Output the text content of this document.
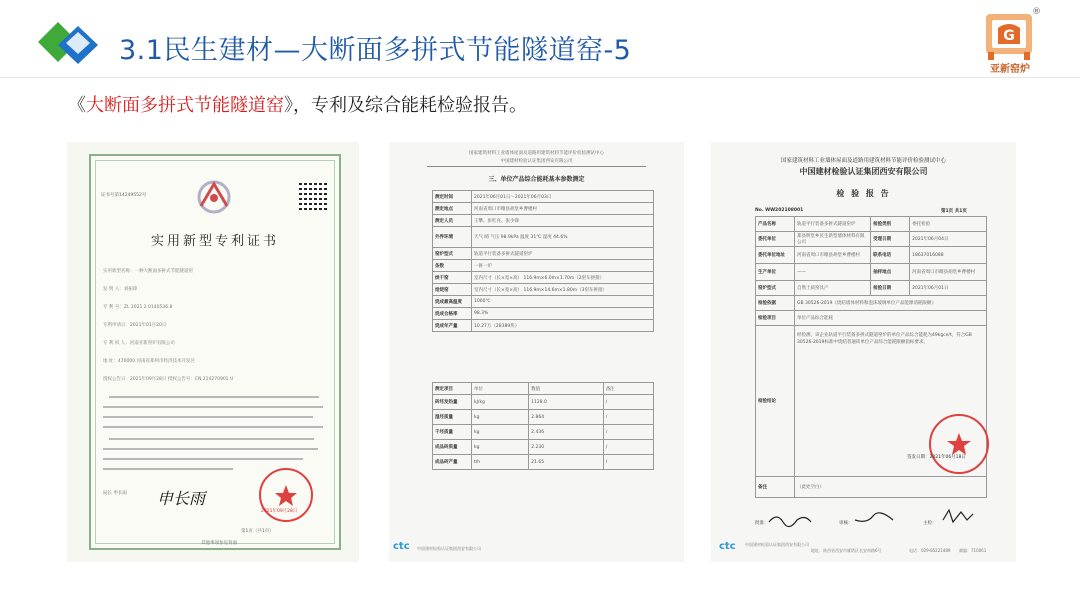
3.1民生建材—大断面多拼式节能隧道窑-5	G
亚新窑炉
®
《大断面多拼式节能隧道窑》，专利及综合能耗检验报告。
证书号第14249552号
实用新型专利证书
实用新型名称：一种大断面多拼式节能隧道窑
发 明 人：刘振锋
专 利 号：ZL 2021 2 0140536.8
专利申请日：2021年01月20日
专 利 权 人：河南亚新窑炉有限公司
地 址：470000 河南省郑州市经济技术开发区
授权公告日：2021年09月28日 授权公告号：CN 214270901 U
局长 申长雨 申长雨
2021年09月28日
第1页（共1页）
其他事项参见背面
国家建筑材料工业墙体屋面及道路用建筑材料节能评价检验测试中心
中国建材检验认证集团西安有限公司
三、单位产品综合能耗基本参数测定
测定时间	2021年06月01日～2021年06月03日
测定地点	河南省周口市睢县胡堂乡曹楼村
测定人员	王攀、彭红亮、张少锋
外界环境	天气 晴 气压 98.9kPa 温度 31℃ 湿度 44.6%
窑炉型式	轨道平行装备多拼式隧道窑炉
条数	一拼一炉
烘干窑	室内尺寸（长×宽×高） 116.9m×6.0m×1.70m（2窑车拼接）
焙烧窑	室内尺寸（长×宽×高） 116.9m×14.6m×1.80m（3窑车拼接）
烧成最高温度	1000℃
烧成合格率	98.3%
烧成年产量	10.27万（28389块）
测定项目	单位	数值	备注
砖坯发热量	kJ/kg	1128.0	/
湿坯质量	kg	2.864	/
干坯质量	kg	2.436	/
成品砖质量	kg	2.230	/
成品砖产量	t/h	21.65	/
ctc 中国建材检验认证集团西安有限公司
国家建筑材料工业墙体屋面及道路用建筑材料节能评价检验测试中心
中国建材检验认证集团西安有限公司
检 验 报 告
No. WW202108001	第1页 共1页
产品名称	轨道平行装备多拼式隧道窑炉	检验类别	委托检验
委托单位	郑县明堂乡民生新型墙体材料有限公司	受理日期	2021年06月04日
委托单位地址	河南省周口市睢县胡堂乡曹楼村	联系电话	18637016088
生产单位	——	抽样地点	河南省周口市睢县胡堂乡曹楼村
窑炉型式	自然土质窑具产	检验日期	2021年06月01日
检验依据	GB 30526-2019《烧结墙体材料和泡沫玻璃单位产品能源消耗限额》		
检验项目	单位产品综合能耗		
检验结论	经检测，该企业轨道平行装备多拼式隧道窑炉的单位产品综合能耗为49kgce/t，符合GB 30526-2019标准中烧结普通砖单位产品综合能耗限额指标要求。		
备注	（此处空白）		
签发日期：2021年06月18日
批准：	审核：	主检：
ctc 中国建材检验认证集团西安有限公司
地址：陕西省西安市雁塔区长安南路6号	电话：029-85221489 邮编：710061
